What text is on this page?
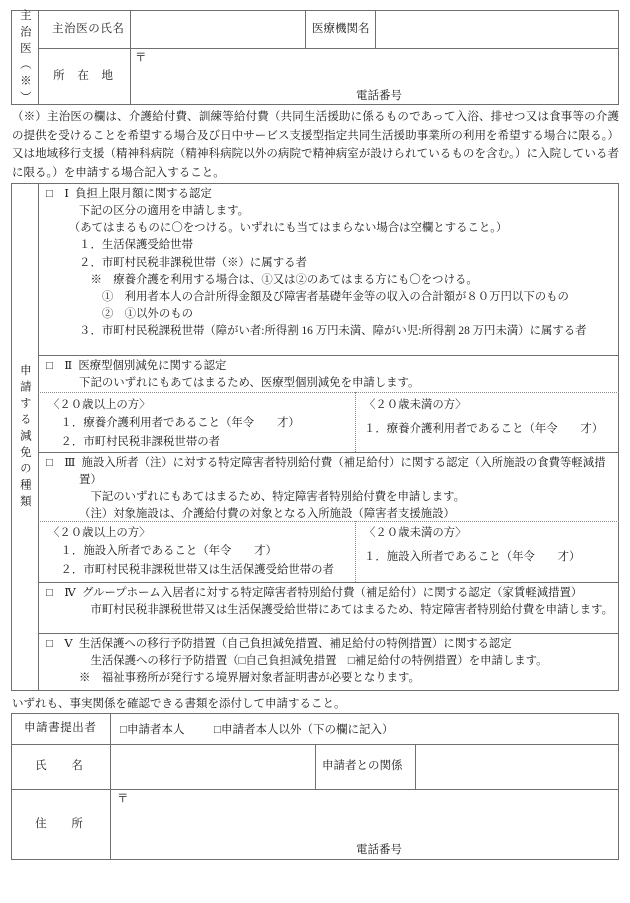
主治医（※）	主治医の氏名	医療機関名
所　在　地
〒
電話番号
（※）主治医の欄は、介護給付費、訓練等給付費（共同生活援助に係るものであって入浴、排せつ又は食事等の介護の提供を受けることを希望する場合及び日中サービス支援型指定共同生活援助事業所の利用を希望する場合に限る。）又は地域移行支援（精神科病院（精神科病院以外の病院で精神病室が設けられているものを含む。）に入院している者に限る。）を申請する場合記入すること。
申請する減免の種類
□ Ⅰ 負担上限月額に関する認定
下記の区分の適用を申請します。
（あてはまるものに〇をつける。いずれにも当てはまらない場合は空欄とすること。）
１．生活保護受給世帯
２．市町村民税非課税世帯（※）に属する者
※　療養介護を利用する場合は、①又は②のあてはまる方にも〇をつける。
①　利用者本人の合計所得金額及び障害者基礎年金等の収入の合計額が８０万円以下のもの
②　①以外のもの
３．市町村民税課税世帯（障がい者:所得割 16 万円未満、障がい児:所得割 28 万円未満）に属する者
□ Ⅱ 医療型個別減免に関する認定
下記のいずれにもあてはまるため、医療型個別減免を申請します。
〈２０歳以上の方〉
１．療養介護利用者であること（年令　　才）
２．市町村民税非課税世帯の者
〈２０歳未満の方〉
１．療養介護利用者であること（年令　　才）
□ Ⅲ 施設入所者（注）に対する特定障害者特別給付費（補足給付）に関する認定（入所施設の食費等軽減措置）
下記のいずれにもあてはまるため、特定障害者特別給付費を申請します。
（注）対象施設は、介護給付費の対象となる入所施設（障害者支援施設）
〈２０歳以上の方〉
１．施設入所者であること（年令　　才）
２．市町村民税非課税世帯又は生活保護受給世帯の者
〈２０歳未満の方〉
１．施設入所者であること（年令　　才）
□ Ⅳ グループホーム入居者に対する特定障害者特別給付費（補足給付）に関する認定（家賃軽減措置）
市町村民税非課税世帯又は生活保護受給世帯にあてはまるため、特定障害者特別給付費を申請します。
□ Ⅴ 生活保護への移行予防措置（自己負担減免措置、補足給付の特例措置）に関する認定
生活保護への移行予防措置（□自己負担減免措置　□補足給付の特例措置）を申請します。
※　福祉事務所が発行する境界層対象者証明書が必要となります。
いずれも、事実関係を確認できる書類を添付して申請すること。
申請書提出者	□申請者本人	□申請者本人以外（下の欄に記入）
氏　　名	申請者との関係
住　　所
〒
電話番号
